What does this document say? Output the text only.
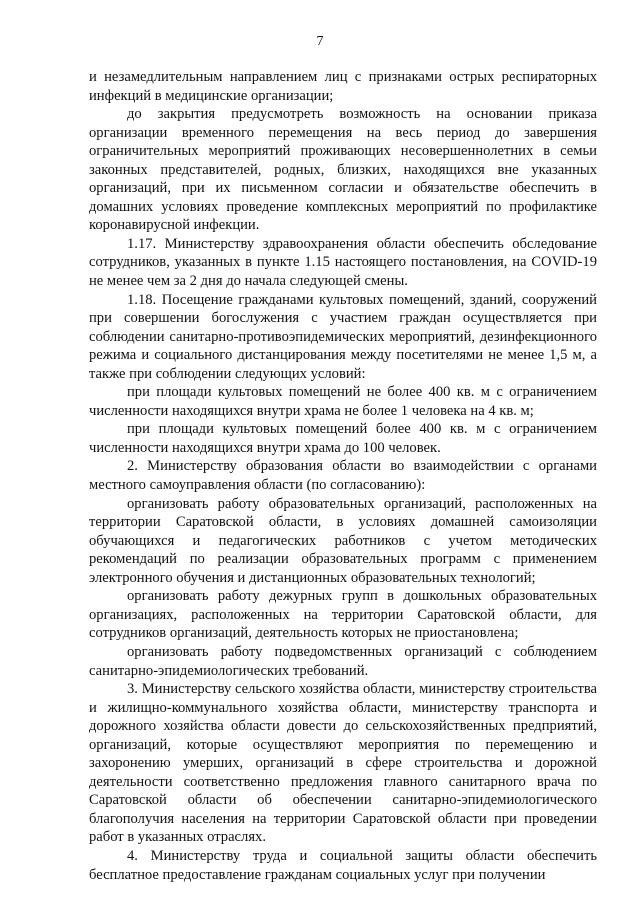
7

и незамедлительным направлением лиц с признаками острых респираторных инфекций в медицинские организации;

до закрытия предусмотреть возможность на основании приказа организации временного перемещения на весь период до завершения ограничительных мероприятий проживающих несовершеннолетних в семьи законных представителей, родных, близких, находящихся вне указанных организаций, при их письменном согласии и обязательстве обеспечить в домашних условиях проведение комплексных мероприятий по профилактике коронавирусной инфекции.

1.17. Министерству здравоохранения области обеспечить обследование сотрудников, указанных в пункте 1.15 настоящего постановления, на COVID-19 не менее чем за 2 дня до начала следующей смены.

1.18. Посещение гражданами культовых помещений, зданий, сооружений при совершении богослужения с участием граждан осуществляется при соблюдении санитарно-противоэпидемических мероприятий, дезинфекционного режима и социального дистанцирования между посетителями не менее 1,5 м, а также при соблюдении следующих условий:

при площади культовых помещений не более 400 кв. м с ограничением численности находящихся внутри храма не более 1 человека на 4 кв. м;

при площади культовых помещений более 400 кв. м с ограничением численности находящихся внутри храма до 100 человек.

2. Министерству образования области во взаимодействии с органами местного самоуправления области (по согласованию):

организовать работу образовательных организаций, расположенных на территории Саратовской области, в условиях домашней самоизоляции обучающихся и педагогических работников с учетом методических рекомендаций по реализации образовательных программ с применением электронного обучения и дистанционных образовательных технологий;

организовать работу дежурных групп в дошкольных образовательных организациях, расположенных на территории Саратовской области, для сотрудников организаций, деятельность которых не приостановлена;

организовать работу подведомственных организаций с соблюдением санитарно-эпидемиологических требований.

3. Министерству сельского хозяйства области, министерству строительства и жилищно-коммунального хозяйства области, министерству транспорта и дорожного хозяйства области довести до сельскохозяйственных предприятий, организаций, которые осуществляют мероприятия по перемещению и захоронению умерших, организаций в сфере строительства и дорожной деятельности соответственно предложения главного санитарного врача по Саратовской области об обеспечении санитарно-эпидемиологического благополучия населения на территории Саратовской области при проведении работ в указанных отраслях.

4. Министерству труда и социальной защиты области обеспечить бесплатное предоставление гражданам социальных услуг при получении
